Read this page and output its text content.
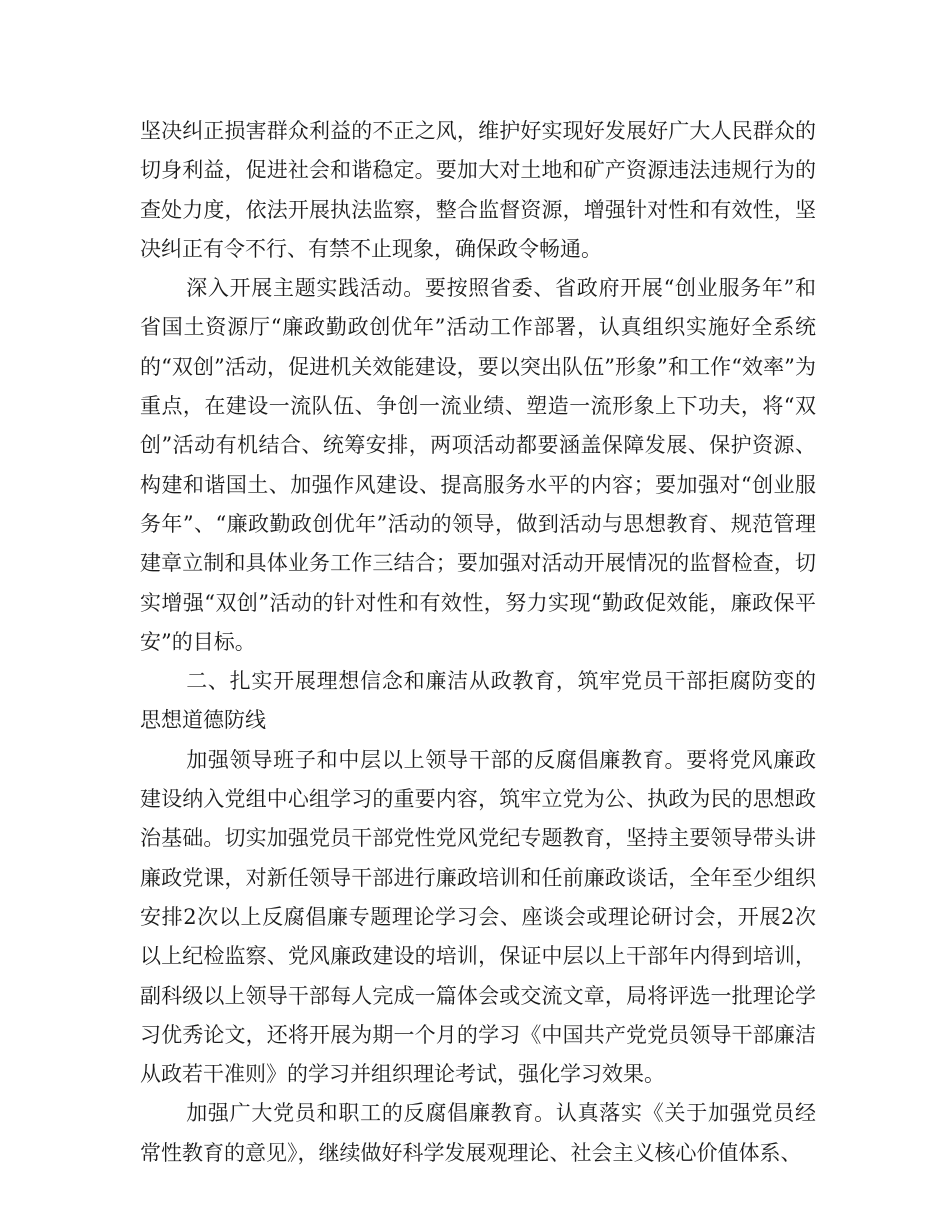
坚决纠正损害群众利益的不正之风，维护好实现好发展好广大人民群众的切身利益，促进社会和谐稳定。要加大对土地和矿产资源违法违规行为的查处力度，依法开展执法监察，整合监督资源，增强针对性和有效性，坚决纠正有令不行、有禁不止现象，确保政令畅通。

深入开展主题实践活动。要按照省委、省政府开展“创业服务年”和省国土资源厅“廉政勤政创优年”活动工作部署，认真组织实施好全系统的“双创”活动，促进机关效能建设，要以突出队伍”形象”和工作“效率”为重点，在建设一流队伍、争创一流业绩、塑造一流形象上下功夫，将“双创”活动有机结合、统筹安排，两项活动都要涵盖保障发展、保护资源、构建和谐国土、加强作风建设、提高服务水平的内容；要加强对“创业服务年”、“廉政勤政创优年”活动的领导，做到活动与思想教育、规范管理建章立制和具体业务工作三结合；要加强对活动开展情况的监督检查，切实增强“双创”活动的针对性和有效性，努力实现“勤政促效能，廉政保平安”的目标。

二、扎实开展理想信念和廉洁从政教育，筑牢党员干部拒腐防变的思想道德防线

加强领导班子和中层以上领导干部的反腐倡廉教育。要将党风廉政建设纳入党组中心组学习的重要内容，筑牢立党为公、执政为民的思想政治基础。切实加强党员干部党性党风党纪专题教育，坚持主要领导带头讲廉政党课，对新任领导干部进行廉政培训和任前廉政谈话，全年至少组织安排2次以上反腐倡廉专题理论学习会、座谈会或理论研讨会，开展2次以上纪检监察、党风廉政建设的培训，保证中层以上干部年内得到培训，副科级以上领导干部每人完成一篇体会或交流文章，局将评选一批理论学习优秀论文，还将开展为期一个月的学习《中国共产党党员领导干部廉洁从政若干准则》的学习并组织理论考试，强化学习效果。

加强广大党员和职工的反腐倡廉教育。认真落实《关于加强党员经常性教育的意见》，继续做好科学发展观理论、社会主义核心价值体系、
